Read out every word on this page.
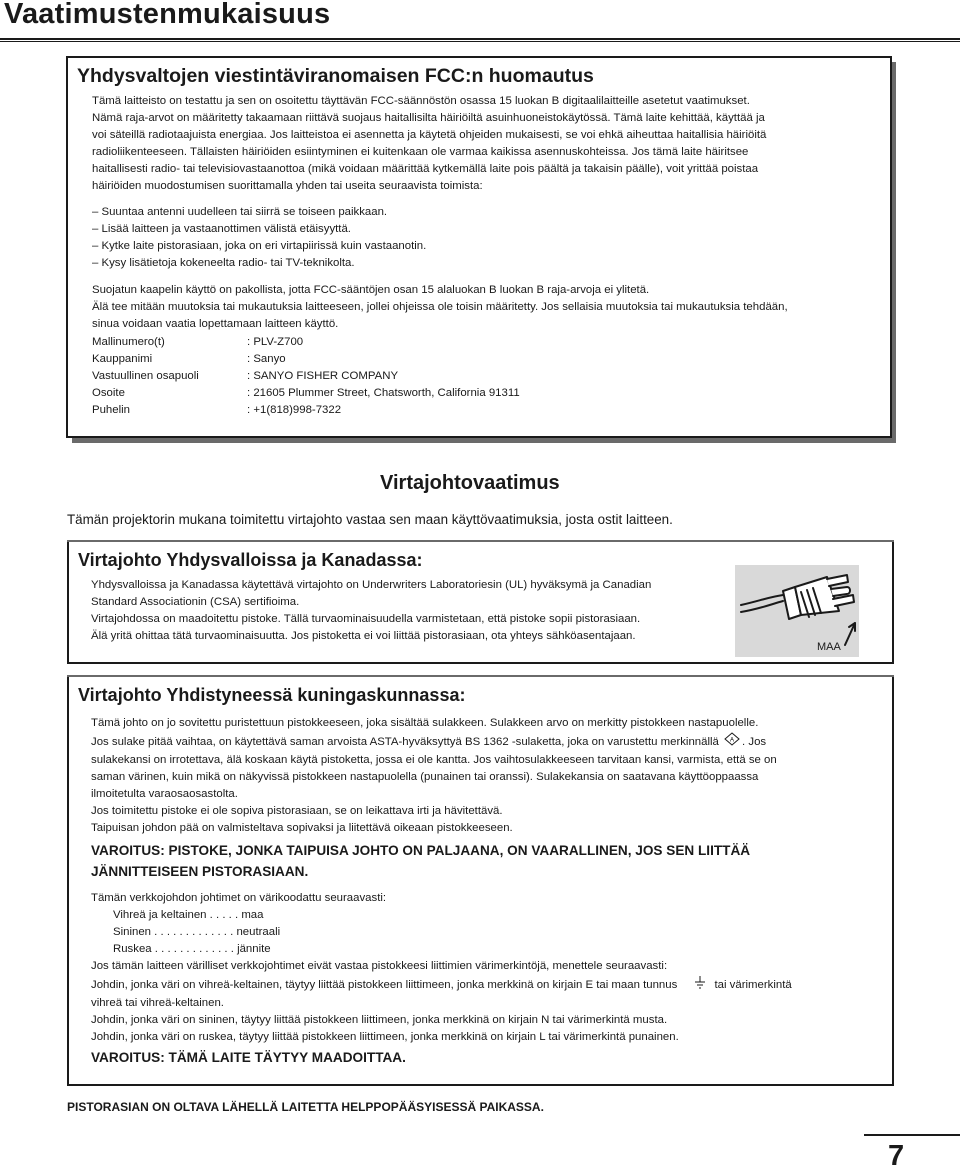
Vaatimustenmukaisuus
Yhdysvaltojen viestintäviranomaisen FCC:n huomautus
Tämä laitteisto on testattu ja sen on osoitettu täyttävän FCC-säännöstön osassa 15 luokan B digitaalilaitteille asetetut vaatimukset.
Nämä raja-arvot on määritetty takaamaan riittävä suojaus haitallisilta häiriöiltä asuinhuoneistokäytössä. Tämä laite kehittää, käyttää ja
voi säteillä radiotaajuista energiaa. Jos laitteistoa ei asennetta ja käytetä ohjeiden mukaisesti, se voi ehkä aiheuttaa haitallisia häiriöitä
radioliikenteeseen. Tällaisten häiriöiden esiintyminen ei kuitenkaan ole varmaa kaikissa asennuskohteissa. Jos tämä laite häiritsee
haitallisesti radio- tai televisiovastaanottoa (mikä voidaan määrittää kytkemällä laite pois päältä ja takaisin päälle), voit yrittää poistaa
häiriöiden muodostumisen suorittamalla yhden tai useita seuraavista toimista:
– Suuntaa antenni uudelleen tai siirrä se toiseen paikkaan.
– Lisää laitteen ja vastaanottimen välistä etäisyyttä.
– Kytke laite pistorasiaan, joka on eri virtapiirissä kuin vastaanotin.
– Kysy lisätietoja kokeneelta radio- tai TV-teknikolta.
Suojatun kaapelin käyttö on pakollista, jotta FCC-sääntöjen osan 15 alaluokan B luokan B raja-arvoja ei ylitetä.
Älä tee mitään muutoksia tai mukautuksia laitteeseen, jollei ohjeissa ole toisin määritetty. Jos sellaisia muutoksia tai mukautuksia tehdään,
sinua voidaan vaatia lopettamaan laitteen käyttö.
Mallinumero(t)	: PLV-Z700
Kauppanimi	: Sanyo
Vastuullinen osapuoli	: SANYO FISHER COMPANY
Osoite	: 21605 Plummer Street, Chatsworth, California 91311
Puhelin	: +1(818)998-7322
Virtajohtovaatimus
Tämän projektorin mukana toimitettu virtajohto vastaa sen maan käyttövaatimuksia, josta ostit laitteen.
Virtajohto Yhdysvalloissa ja Kanadassa:
Yhdysvalloissa ja Kanadassa käytettävä virtajohto on Underwriters Laboratoriesin (UL) hyväksymä ja Canadian
Standard Associationin (CSA) sertifioima.
Virtajohdossa on maadoitettu pistoke. Tällä turvaominaisuudella varmistetaan, että pistoke sopii pistorasiaan.
Älä yritä ohittaa tätä turvaominaisuutta. Jos pistoketta ei voi liittää pistorasiaan, ota yhteys sähköasentajaan.
MAA
Virtajohto Yhdistyneessä kuningaskunnassa:
Tämä johto on jo sovitettu puristettuun pistokkeeseen, joka sisältää sulakkeen. Sulakkeen arvo on merkitty pistokkeen nastapuolelle.
Jos sulake pitää vaihtaa, on käytettävä saman arvoista ASTA-hyväksyttyä BS 1362 -sulaketta, joka on varustettu merkinnällä A . Jos
sulakekansi on irrotettava, älä koskaan käytä pistoketta, jossa ei ole kantta. Jos vaihtosulakkeeseen tarvitaan kansi, varmista, että se on
saman värinen, kuin mikä on näkyvissä pistokkeen nastapuolella (punainen tai oranssi). Sulakekansia on saatavana käyttöoppaassa
ilmoitetulta varaosaosastolta.
Jos toimitettu pistoke ei ole sopiva pistorasiaan, se on leikattava irti ja hävitettävä.
Taipuisan johdon pää on valmisteltava sopivaksi ja liitettävä oikeaan pistokkeeseen.
VAROITUS: PISTOKE, JONKA TAIPUISA JOHTO ON PALJAANA, ON VAARALLINEN, JOS SEN LIITTÄÄ
JÄNNITTEISEEN PISTORASIAAN.
Tämän verkkojohdon johtimet on värikoodattu seuraavasti:
Vihreä ja keltainen . . . . . maa
Sininen . . . . . . . . . . . . . neutraali
Ruskea . . . . . . . . . . . . . jännite
Jos tämän laitteen värilliset verkkojohtimet eivät vastaa pistokkeesi liittimien värimerkintöjä, menettele seuraavasti:
Johdin, jonka väri on vihreä-keltainen, täytyy liittää pistokkeen liittimeen, jonka merkkinä on kirjain E tai maan tunnus	tai värimerkintä
vihreä tai vihreä-keltainen.
Johdin, jonka väri on sininen, täytyy liittää pistokkeen liittimeen, jonka merkkinä on kirjain N tai värimerkintä musta.
Johdin, jonka väri on ruskea, täytyy liittää pistokkeen liittimeen, jonka merkkinä on kirjain L tai värimerkintä punainen.
VAROITUS: TÄMÄ LAITE TÄYTYY MAADOITTAA.
PISTORASIAN ON OLTAVA LÄHELLÄ LAITETTA HELPPOPÄÄSYISESSÄ PAIKASSA.
7
